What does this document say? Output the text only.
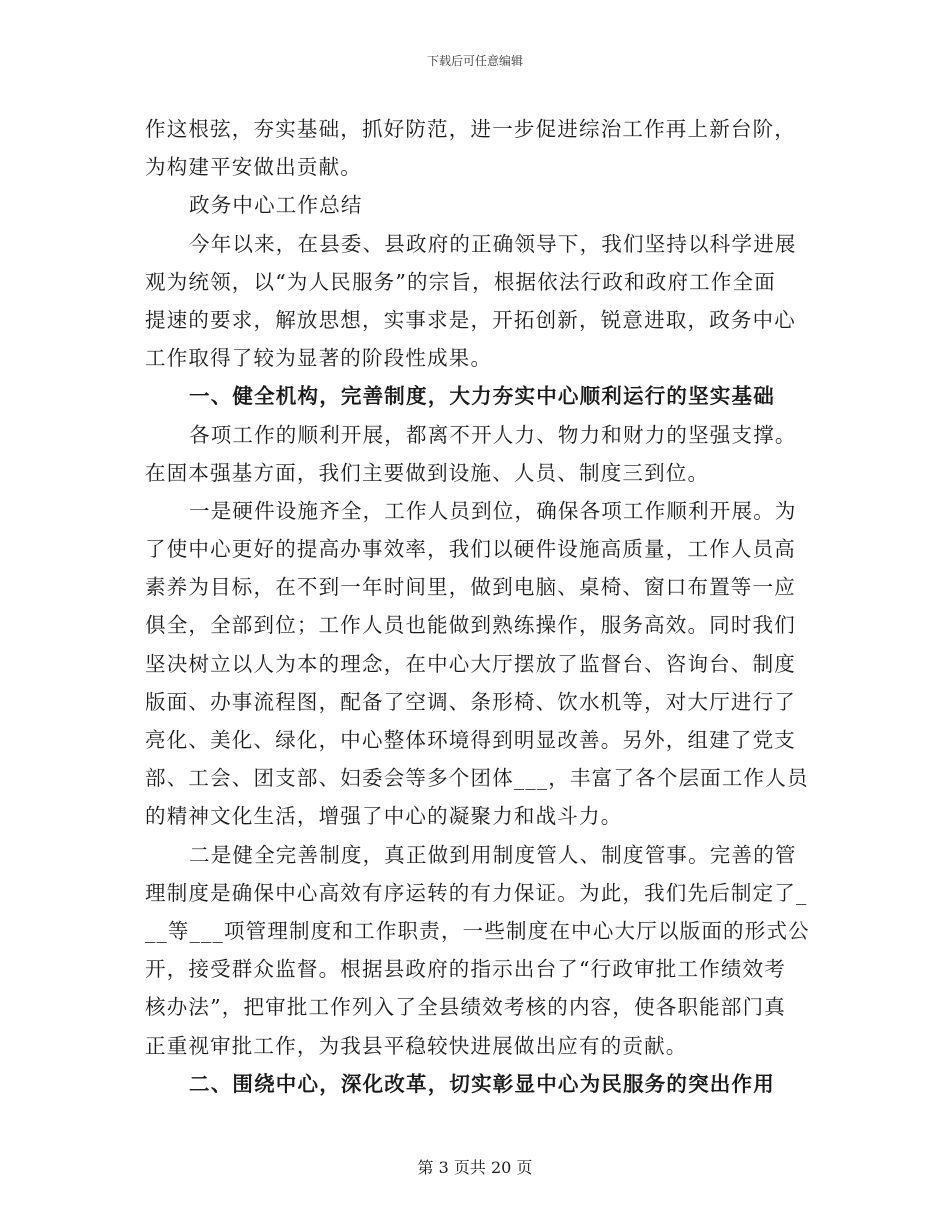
下载后可任意编辑
作这根弦，夯实基础，抓好防范，进一步促进综治工作再上新台阶，
为构建平安做出贡献。
政务中心工作总结
今年以来，在县委、县政府的正确领导下，我们坚持以科学进展
观为统领，以“为人民服务”的宗旨，根据依法行政和政府工作全面
提速的要求，解放思想，实事求是，开拓创新，锐意进取，政务中心
工作取得了较为显著的阶段性成果。
一、健全机构，完善制度，大力夯实中心顺利运行的坚实基础
各项工作的顺利开展，都离不开人力、物力和财力的坚强支撑。
在固本强基方面，我们主要做到设施、人员、制度三到位。
一是硬件设施齐全，工作人员到位，确保各项工作顺利开展。为
了使中心更好的提高办事效率，我们以硬件设施高质量，工作人员高
素养为目标，在不到一年时间里，做到电脑、桌椅、窗口布置等一应
俱全，全部到位；工作人员也能做到熟练操作，服务高效。同时我们
坚决树立以人为本的理念，在中心大厅摆放了监督台、咨询台、制度
版面、办事流程图，配备了空调、条形椅、饮水机等，对大厅进行了
亮化、美化、绿化，中心整体环境得到明显改善。另外，组建了党支
部、工会、团支部、妇委会等多个团体___，丰富了各个层面工作人员
的精神文化生活，增强了中心的凝聚力和战斗力。
二是健全完善制度，真正做到用制度管人、制度管事。完善的管
理制度是确保中心高效有序运转的有力保证。为此，我们先后制定了_
__等___项管理制度和工作职责，一些制度在中心大厅以版面的形式公
开，接受群众监督。根据县政府的指示出台了“行政审批工作绩效考
核办法”，把审批工作列入了全县绩效考核的内容，使各职能部门真
正重视审批工作，为我县平稳较快进展做出应有的贡献。
二、围绕中心，深化改革，切实彰显中心为民服务的突出作用
第 3 页共 20 页
